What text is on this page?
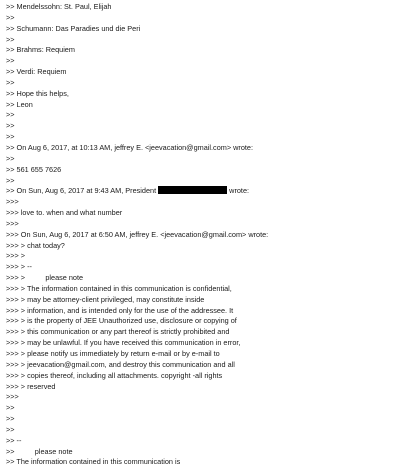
>> Mendelssohn: St. Paul, Elijah
>>
>> Schumann: Das Paradies und die Peri
>>
>> Brahms: Requiem
>>
>> Verdi: Requiem
>>
>> Hope this helps,
>> Leon
>>
>>
>>
>> On Aug 6, 2017, at 10:13 AM, jeffrey E. <jeevacation@gmail.com> wrote:
>>
>> 561 655 7626
>>
>> On Sun, Aug 6, 2017 at 9:43 AM, President	wrote:
>>>
>>> love to. when and what number
>>>
>>> On Sun, Aug 6, 2017 at 6:50 AM, jeffrey E. <jeevacation@gmail.com> wrote:
>>> > chat today?
>>> >
>>> > --
>>> >          please note
>>> > The information contained in this communication is confidential,
>>> > may be attorney-client privileged, may constitute inside
>>> > information, and is intended only for the use of the addressee. It
>>> > is the property of JEE Unauthorized use, disclosure or copying of
>>> > this communication or any part thereof is strictly prohibited and
>>> > may be unlawful. If you have received this communication in error,
>>> > please notify us immediately by return e-mail or by e-mail to
>>> > jeevacation@gmail.com, and destroy this communication and all
>>> > copies thereof, including all attachments. copyright -all rights
>>> > reserved
>>>
>>
>>
>>
>> --
>>          please note
>> The information contained in this communication is
